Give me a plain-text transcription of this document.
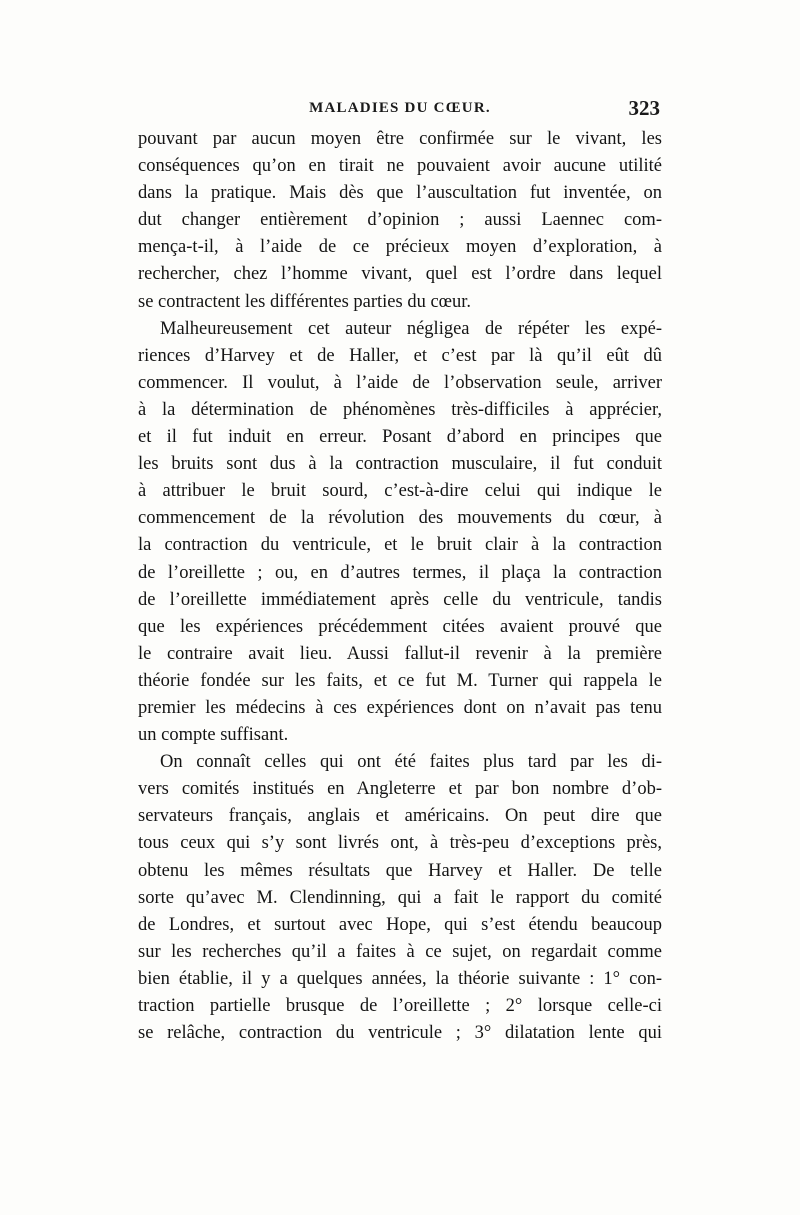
MALADIES DU CŒUR.	323
pouvant par aucun moyen être confirmée sur le vivant, les
conséquences qu’on en tirait ne pouvaient avoir aucune utilité
dans la pratique. Mais dès que l’auscultation fut inventée, on
dut changer entièrement d’opinion ; aussi Laennec com-
mença-t-il, à l’aide de ce précieux moyen d’exploration, à
rechercher, chez l’homme vivant, quel est l’ordre dans lequel
se contractent les différentes parties du cœur.
Malheureusement cet auteur négligea de répéter les expé-
riences d’Harvey et de Haller, et c’est par là qu’il eût dû
commencer. Il voulut, à l’aide de l’observation seule, arriver
à la détermination de phénomènes très-difficiles à apprécier,
et il fut induit en erreur. Posant d’abord en principes que
les bruits sont dus à la contraction musculaire, il fut conduit
à attribuer le bruit sourd, c’est-à-dire celui qui indique le
commencement de la révolution des mouvements du cœur, à
la contraction du ventricule, et le bruit clair à la contraction
de l’oreillette ; ou, en d’autres termes, il plaça la contraction
de l’oreillette immédiatement après celle du ventricule, tandis
que les expériences précédemment citées avaient prouvé que
le contraire avait lieu. Aussi fallut-il revenir à la première
théorie fondée sur les faits, et ce fut M. Turner qui rappela le
premier les médecins à ces expériences dont on n’avait pas tenu
un compte suffisant.
On connaît celles qui ont été faites plus tard par les di-
vers comités institués en Angleterre et par bon nombre d’ob-
servateurs français, anglais et américains. On peut dire que
tous ceux qui s’y sont livrés ont, à très-peu d’exceptions près,
obtenu les mêmes résultats que Harvey et Haller. De telle
sorte qu’avec M. Clendinning, qui a fait le rapport du comité
de Londres, et surtout avec Hope, qui s’est étendu beaucoup
sur les recherches qu’il a faites à ce sujet, on regardait comme
bien établie, il y a quelques années, la théorie suivante : 1° con-
traction partielle brusque de l’oreillette ; 2° lorsque celle-ci
se relâche, contraction du ventricule ; 3° dilatation lente qui
